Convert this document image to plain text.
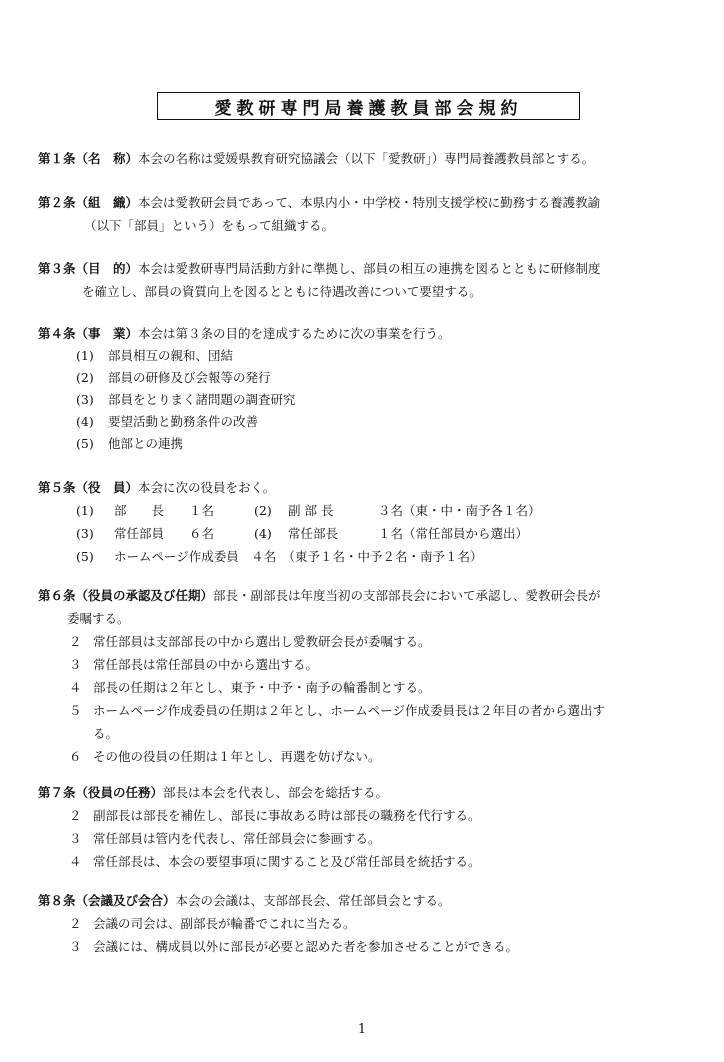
愛教研専門局養護教員部会規約
第１条（名　称）本会の名称は愛媛県教育研究協議会（以下「愛教研」）専門局養護教員部とする。
第２条（組　織）本会は愛教研会員であって、本県内小・中学校・特別支援学校に勤務する養護教諭
（以下「部員」という）をもって組織する。
第３条（目　的）本会は愛教研専門局活動方針に準拠し、部員の相互の連携を図るとともに研修制度
を確立し、部員の資質向上を図るとともに待遇改善について要望する。
第４条（事　業）本会は第３条の目的を達成するために次の事業を行う。
(1) 部員相互の親和、団結
(2) 部員の研修及び会報等の発行
(3) 部員をとりまく諸問題の調査研究
(4) 要望活動と勤務条件の改善
(5) 他部との連携
第５条（役　員）本会に次の役員をおく。
(1) 部　　長　　１名	(2) 副 部 長	３名（東・中・南予各１名）
(3) 常任部員　　６名	(4) 常任部長	１名（常任部員から選出）
(5) ホームページ作成委員　４名　（東予１名・中予２名・南予１名）
第６条（役員の承認及び任期）部長・副部長は年度当初の支部部長会において承認し、愛教研会長が
委嘱する。
２ 常任部員は支部部長の中から選出し愛教研会長が委嘱する。
３ 常任部長は常任部員の中から選出する。
４ 部長の任期は２年とし、東予・中予・南予の輪番制とする。
５ ホームページ作成委員の任期は２年とし、ホームページ作成委員長は２年目の者から選出す
る。
６ その他の役員の任期は１年とし、再選を妨げない。
第７条（役員の任務）部長は本会を代表し、部会を総括する。
２ 副部長は部長を補佐し、部長に事故ある時は部長の職務を代行する。
３ 常任部員は管内を代表し、常任部員会に参画する。
４ 常任部長は、本会の要望事項に関すること及び常任部員を統括する。
第８条（会議及び会合）本会の会議は、支部部長会、常任部員会とする。
２ 会議の司会は、副部長が輪番でこれに当たる。
３ 会議には、構成員以外に部長が必要と認めた者を参加させることができる。
1
